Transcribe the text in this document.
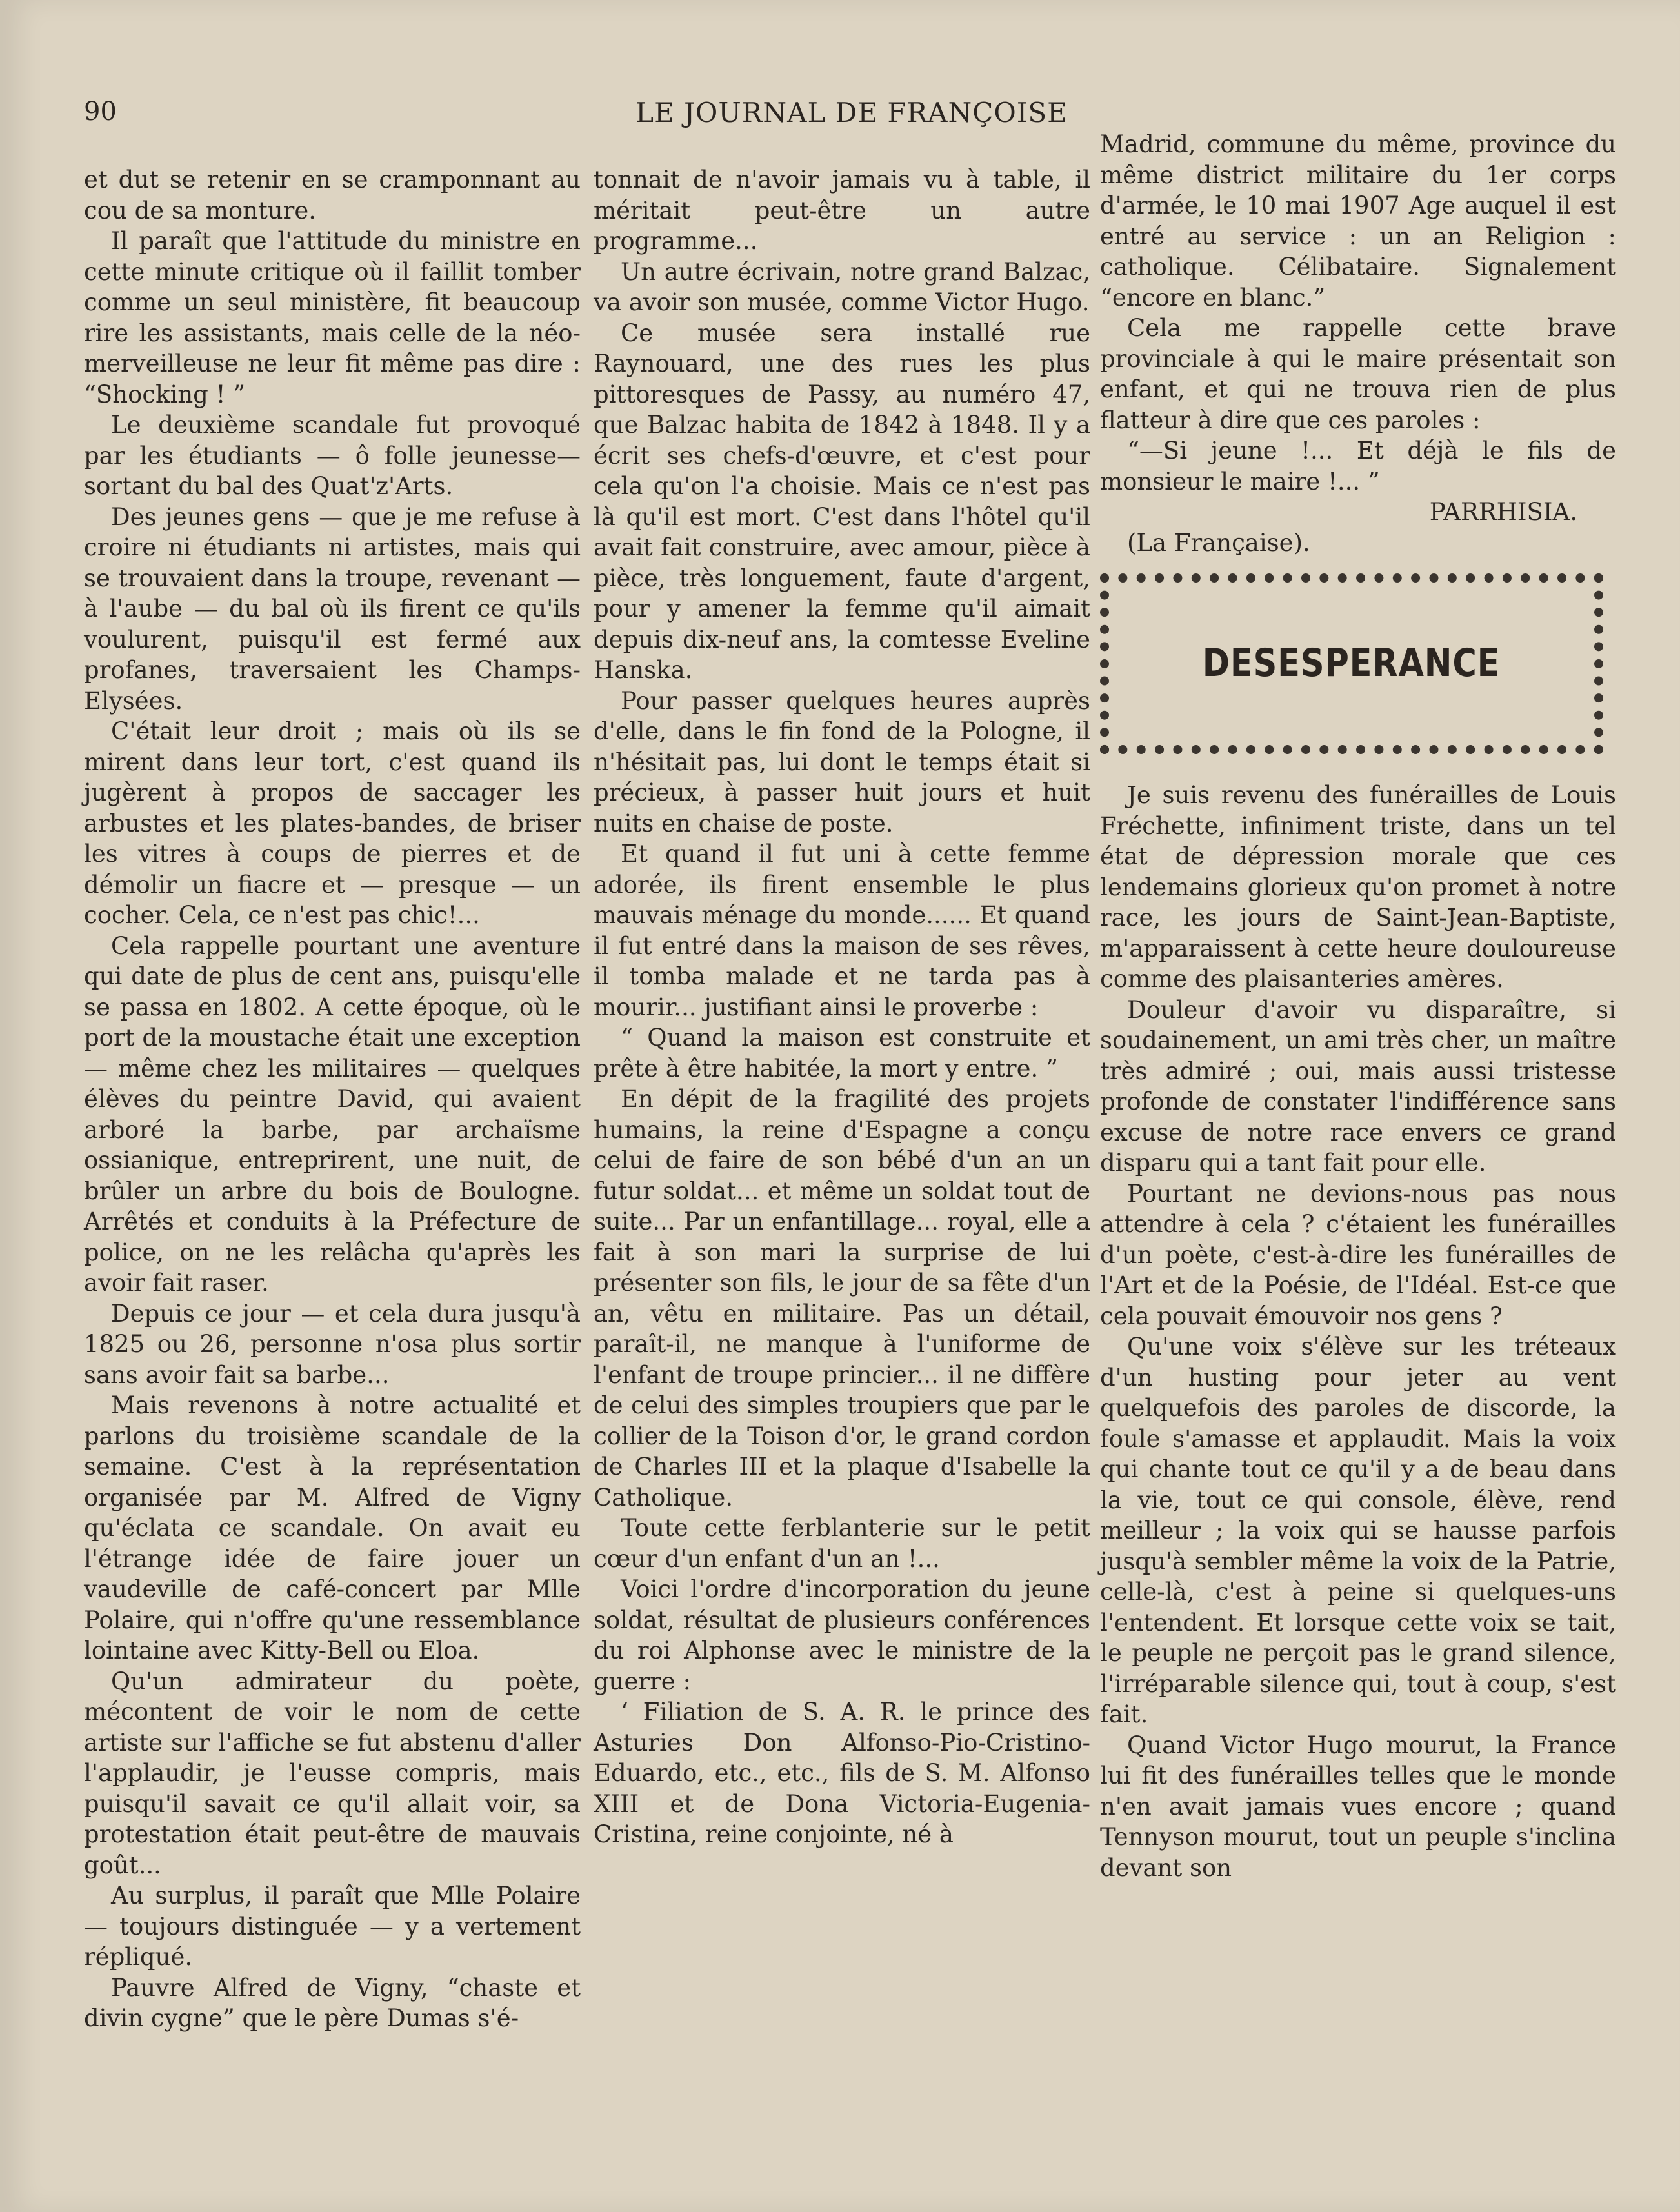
90	LE JOURNAL DE FRANÇOISE

et dut se retenir en se cramponnant au cou de sa monture.

Il paraît que l'attitude du ministre en cette minute critique où il faillit tomber comme un seul ministère, fit beaucoup rire les assistants, mais celle de la néo-merveilleuse ne leur fit même pas dire : “Shocking ! ”

Le deuxième scandale fut provoqué par les étudiants — ô folle jeunesse— sortant du bal des Quat'z'Arts.

Des jeunes gens — que je me refuse à croire ni étudiants ni artistes, mais qui se trouvaient dans la troupe, revenant — à l'aube — du bal où ils firent ce qu'ils voulurent, puisqu'il est fermé aux profanes, traversaient les Champs-Elysées.

C'était leur droit ; mais où ils se mirent dans leur tort, c'est quand ils jugèrent à propos de saccager les arbustes et les plates-bandes, de briser les vitres à coups de pierres et de démolir un fiacre et — presque — un cocher. Cela, ce n'est pas chic!...

Cela rappelle pourtant une aventure qui date de plus de cent ans, puisqu'elle se passa en 1802. A cette époque, où le port de la moustache était une exception — même chez les militaires — quelques élèves du peintre David, qui avaient arboré la barbe, par archaïsme ossianique, entreprirent, une nuit, de brûler un arbre du bois de Boulogne. Arrêtés et conduits à la Préfecture de police, on ne les relâcha qu'après les avoir fait raser.

Depuis ce jour — et cela dura jusqu'à 1825 ou 26, personne n'osa plus sortir sans avoir fait sa barbe...

Mais revenons à notre actualité et parlons du troisième scandale de la semaine. C'est à la représentation organisée par M. Alfred de Vigny qu'éclata ce scandale. On avait eu l'étrange idée de faire jouer un vaudeville de café-concert par Mlle Polaire, qui n'offre qu'une ressemblance lointaine avec Kitty-Bell ou Eloa.

Qu'un admirateur du poète, mécontent de voir le nom de cette artiste sur l'affiche se fut abstenu d'aller l'applaudir, je l'eusse compris, mais puisqu'il savait ce qu'il allait voir, sa protestation était peut-être de mauvais goût...

Au surplus, il paraît que Mlle Polaire — toujours distinguée — y a vertement répliqué.

Pauvre Alfred de Vigny, “chaste et divin cygne” que le père Dumas s'é-

tonnait de n'avoir jamais vu à table, il méritait peut-être un autre programme...

Un autre écrivain, notre grand Balzac, va avoir son musée, comme Victor Hugo.

Ce musée sera installé rue Raynouard, une des rues les plus pittoresques de Passy, au numéro 47, que Balzac habita de 1842 à 1848. Il y a écrit ses chefs-d'œuvre, et c'est pour cela qu'on l'a choisie. Mais ce n'est pas là qu'il est mort. C'est dans l'hôtel qu'il avait fait construire, avec amour, pièce à pièce, très longuement, faute d'argent, pour y amener la femme qu'il aimait depuis dix-neuf ans, la comtesse Eveline Hanska.

Pour passer quelques heures auprès d'elle, dans le fin fond de la Pologne, il n'hésitait pas, lui dont le temps était si précieux, à passer huit jours et huit nuits en chaise de poste.

Et quand il fut uni à cette femme adorée, ils firent ensemble le plus mauvais ménage du monde...... Et quand il fut entré dans la maison de ses rêves, il tomba malade et ne tarda pas à mourir... justifiant ainsi le proverbe :

“ Quand la maison est construite et prête à être habitée, la mort y entre. ”

En dépit de la fragilité des projets humains, la reine d'Espagne a conçu celui de faire de son bébé d'un an un futur soldat... et même un soldat tout de suite... Par un enfantillage... royal, elle a fait à son mari la surprise de lui présenter son fils, le jour de sa fête d'un an, vêtu en militaire. Pas un détail, paraît-il, ne manque à l'uniforme de l'enfant de troupe princier... il ne diffère de celui des simples troupiers que par le collier de la Toison d'or, le grand cordon de Charles III et la plaque d'Isabelle la Catholique.

Toute cette ferblanterie sur le petit cœur d'un enfant d'un an !...

Voici l'ordre d'incorporation du jeune soldat, résultat de plusieurs conférences du roi Alphonse avec le ministre de la guerre :

‘ Filiation de S. A. R. le prince des Asturies Don Alfonso-Pio-Cristino-Eduardo, etc., etc., fils de S. M. Alfonso XIII et de Dona Victoria-Eugenia-Cristina, reine conjointe, né à

Madrid, commune du même, province du même district militaire du 1er corps d'armée, le 10 mai 1907 Age auquel il est entré au service : un an Religion : catholique. Célibataire. Signalement “encore en blanc.”

Cela me rappelle cette brave provinciale à qui le maire présentait son enfant, et qui ne trouva rien de plus flatteur à dire que ces paroles :

“—Si jeune !... Et déjà le fils de monsieur le maire !... ”

PARRHISIA.

(La Française).

DESESPERANCE

Je suis revenu des funérailles de Louis Fréchette, infiniment triste, dans un tel état de dépression morale que ces lendemains glorieux qu'on promet à notre race, les jours de Saint-Jean-Baptiste, m'apparaissent à cette heure douloureuse comme des plaisanteries amères.

Douleur d'avoir vu disparaître, si soudainement, un ami très cher, un maître très admiré ; oui, mais aussi tristesse profonde de constater l'indifférence sans excuse de notre race envers ce grand disparu qui a tant fait pour elle.

Pourtant ne devions-nous pas nous attendre à cela ? c'étaient les funérailles d'un poète, c'est-à-dire les funérailles de l'Art et de la Poésie, de l'Idéal. Est-ce que cela pouvait émouvoir nos gens ?

Qu'une voix s'élève sur les tréteaux d'un husting pour jeter au vent quelquefois des paroles de discorde, la foule s'amasse et applaudit. Mais la voix qui chante tout ce qu'il y a de beau dans la vie, tout ce qui console, élève, rend meilleur ; la voix qui se hausse parfois jusqu'à sembler même la voix de la Patrie, celle-là, c'est à peine si quelques-uns l'entendent. Et lorsque cette voix se tait, le peuple ne perçoit pas le grand silence, l'irréparable silence qui, tout à coup, s'est fait.

Quand Victor Hugo mourut, la France lui fit des funérailles telles que le monde n'en avait jamais vues encore ; quand Tennyson mourut, tout un peuple s'inclina devant son
